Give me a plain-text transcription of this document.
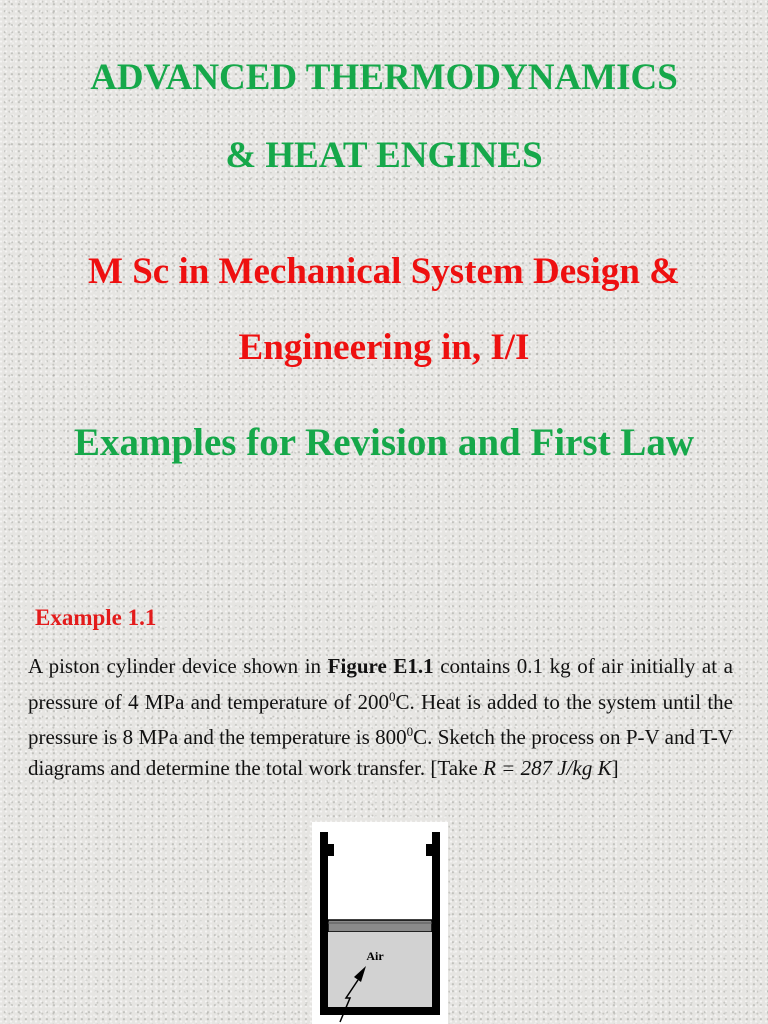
ADVANCED THERMODYNAMICS
& HEAT ENGINES
M Sc in Mechanical System Design &
Engineering in, I/I
Examples for Revision and First Law
Example 1.1

A piston cylinder device shown in Figure E1.1 contains 0.1 kg of air initially at a pressure of 4 MPa and temperature of $200^0C$. Heat is added to the system until the pressure is 8 MPa and the temperature is $800^0C$. Sketch the process on P-V and T-V diagrams and determine the total work transfer. [Take R = 287 J/kg K]

Air
